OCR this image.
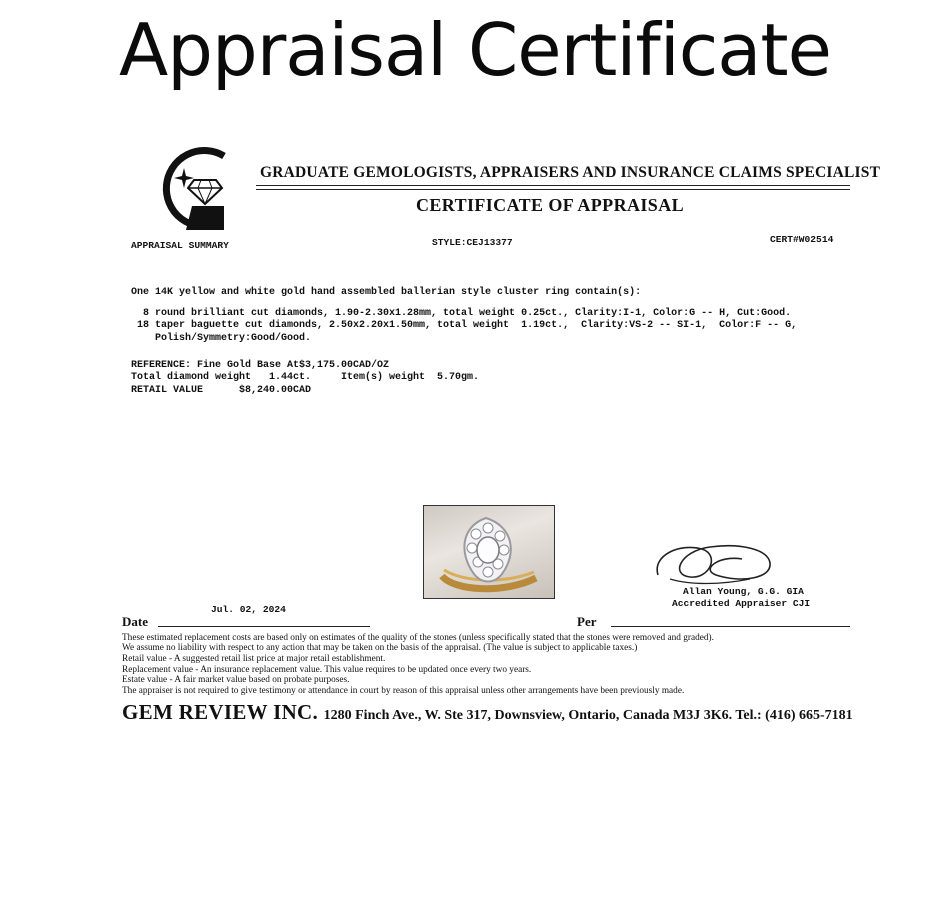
Appraisal Certificate
APPRAISAL SUMMARY
GRADUATE GEMOLOGISTS, APPRAISERS AND INSURANCE CLAIMS SPECIALIST
CERTIFICATE OF APPRAISAL
STYLE:CEJ13377	CERT#W02514
One 14K yellow and white gold hand assembled ballerian style cluster ring contain(s):
8 round brilliant cut diamonds, 1.90-2.30x1.28mm, total weight 0.25ct., Clarity:I-1, Color:G -- H, Cut:Good.
18 taper baguette cut diamonds, 2.50x2.20x1.50mm, total weight  1.19ct.,  Clarity:VS-2 -- SI-1,  Color:F -- G,
Polish/Symmetry:Good/Good.
REFERENCE: Fine Gold Base At$3,175.00CAD/OZ
Total diamond weight   1.44ct.     Item(s) weight  5.70gm.
RETAIL VALUE      $8,240.00CAD
Allan Young, G.G. GIA
Accredited Appraiser CJI
Date
Jul. 02, 2024
Per
These estimated replacement costs are based only on estimates of the quality of the stones (unless specifically stated that the stones were removed and graded).
We assume no liability with respect to any action that may be taken on the basis of the appraisal. (The value is subject to applicable taxes.)
Retail value - A suggested retail list price at major retail establishment.
Replacement value - An insurance replacement value. This value requires to be updated once every two years.
Estate value - A fair market value based on probate purposes.
The appraiser is not required to give testimony or attendance in court by reason of this appraisal unless other arrangements have been previously made.
GEM REVIEW INC. 1280 Finch Ave., W. Ste 317, Downsview, Ontario, Canada M3J 3K6. Tel.: (416) 665-7181
